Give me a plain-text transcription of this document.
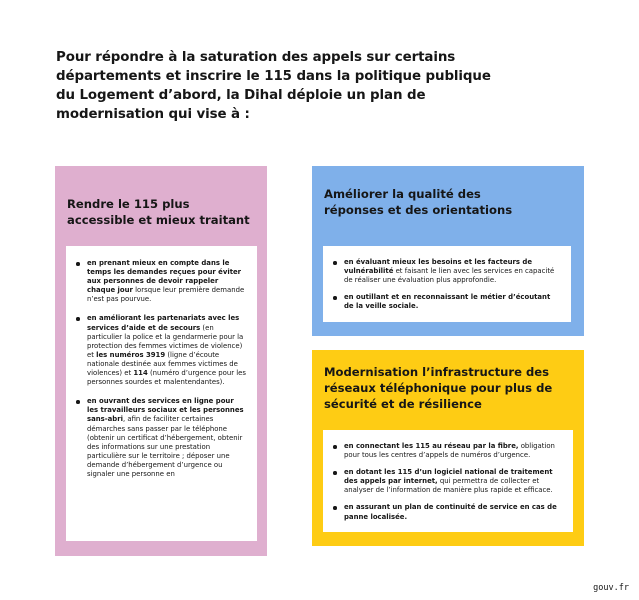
Pour répondre à la saturation des appels sur certains départements et inscrire le 115 dans la politique publique du Logement d’abord, la Dihal déploie un plan de modernisation qui vise à :
Rendre le 115 plus accessible et mieux traitant
en prenant mieux en compte dans le temps les demandes reçues pour éviter aux personnes de devoir rappeler chaque jour lorsque leur première demande n’est pas pourvue.
en améliorant les partenariats avec les services d’aide et de secours (en particulier la police et la gendarmerie pour la protection des femmes victimes de violence) et les numéros 3919 (ligne d’écoute nationale destinée aux femmes victimes de violences) et 114 (numéro d’urgence pour les personnes sourdes et malentendantes).
en ouvrant des services en ligne pour les travailleurs sociaux et les personnes sans-abri, afin de faciliter certaines démarches sans passer par le téléphone (obtenir un certificat d’hébergement, obtenir des informations sur une prestation particulière sur le territoire ; déposer une demande d’hébergement d’urgence ou signaler une personne en
Améliorer la qualité des réponses et des orientations
en évaluant mieux les besoins et les facteurs de vulnérabilité et faisant le lien avec les services en capacité de réaliser une évaluation plus approfondie.
en outillant et en reconnaissant le métier d’écoutant de la veille sociale.
Modernisation l’infrastructure des réseaux téléphonique pour plus de sécurité et de résilience
en connectant les 115 au réseau par la fibre, obligation pour tous les centres d’appels de numéros d’urgence.
en dotant les 115 d’un logiciel national de traitement des appels par internet, qui permettra de collecter et analyser de l’information de manière plus rapide et efficace.
en assurant un plan de continuité de service en cas de panne localisée.
gouv.fr
